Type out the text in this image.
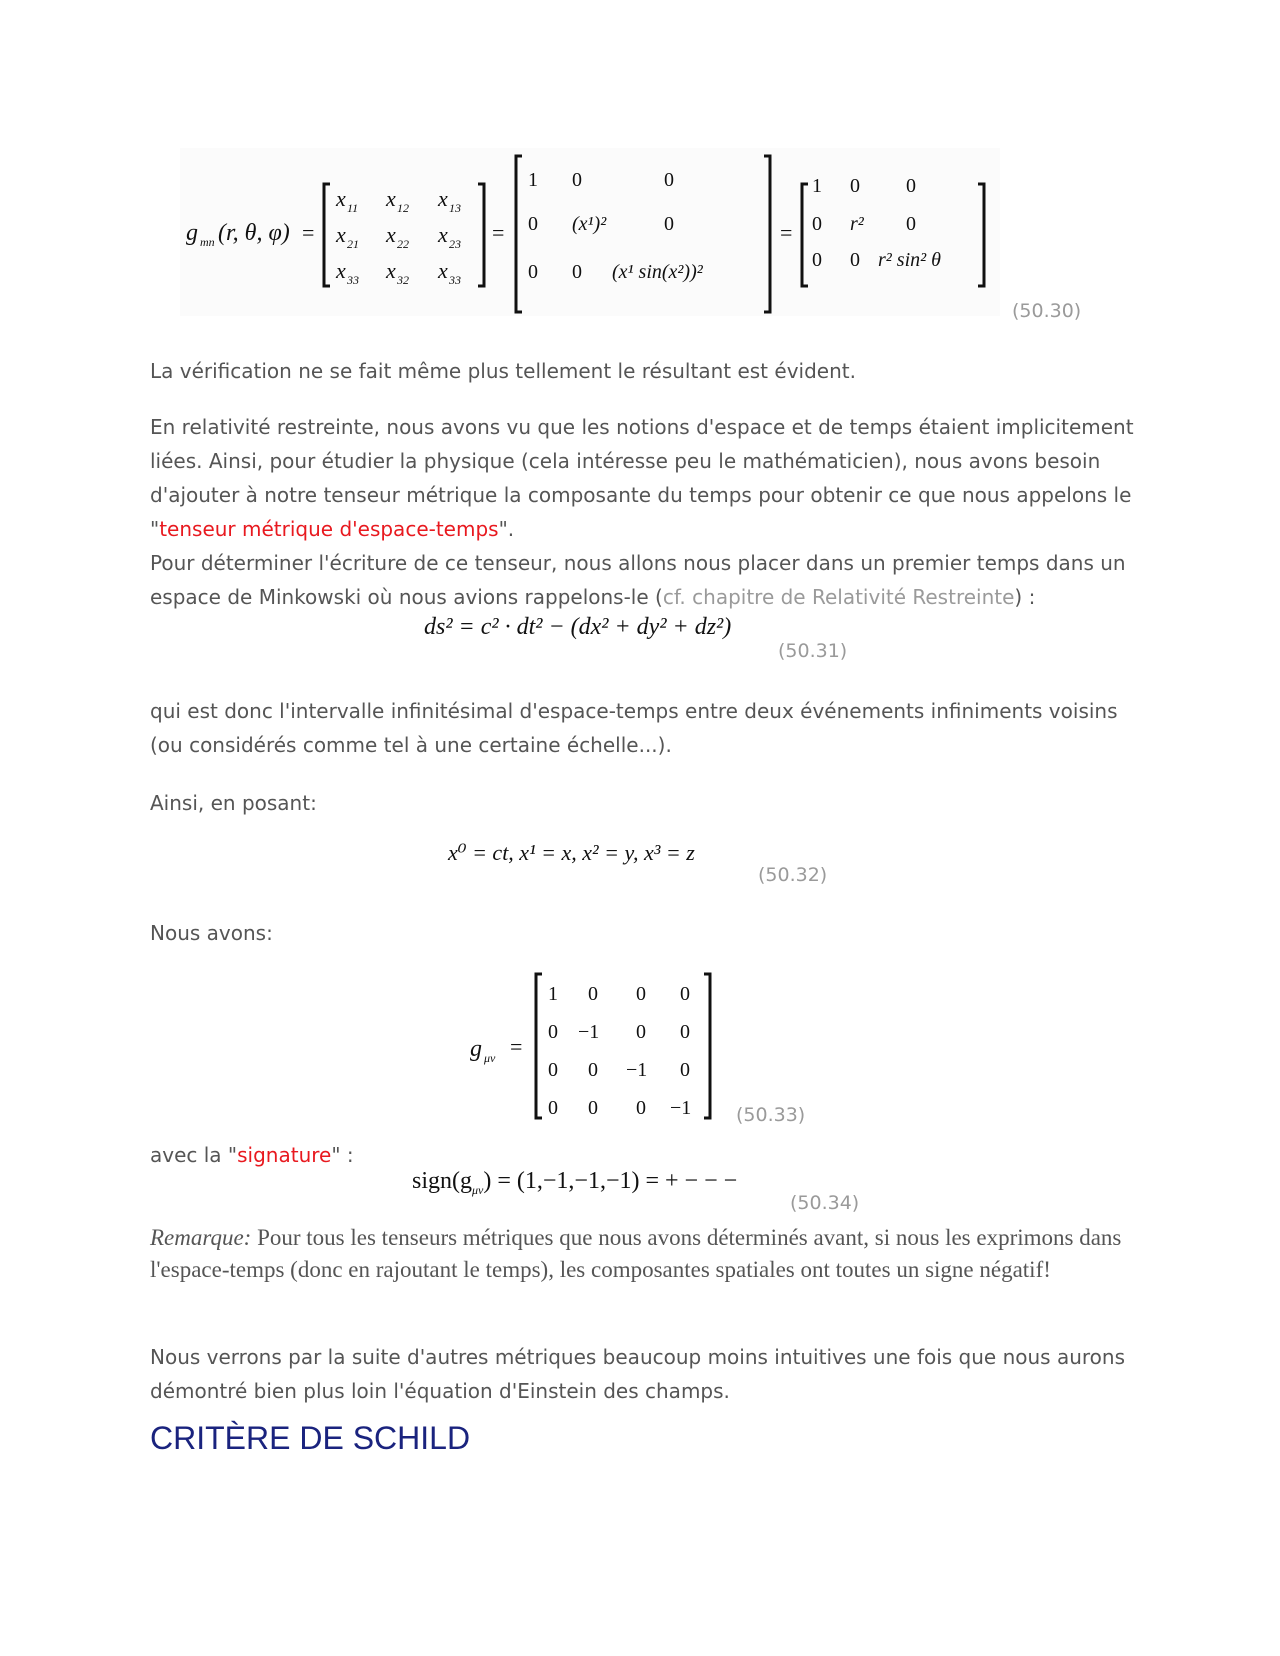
g mn (r, θ, φ) =
x 11 x 12 x 13
x 21 x 22 x 23
x 33 x 32 x 33
=
1 0	0
0 (x¹)²	0
0 0 (x¹ sin(x²))²
=
1 0 0
0 r² 0
0 0 r² sin² θ
(50.30)

La vérification ne se fait même plus tellement le résultant est évident.

En relativité restreinte, nous avons vu que les notions d'espace et de temps étaient implicitement liées. Ainsi, pour étudier la physique (cela intéresse peu le mathématicien), nous avons besoin d'ajouter à notre tenseur métrique la composante du temps pour obtenir ce que nous appelons le "tenseur métrique d'espace-temps".
Pour déterminer l'écriture de ce tenseur, nous allons nous placer dans un premier temps dans un espace de Minkowski où nous avions rappelons-le (cf. chapitre de Relativité Restreinte) :

ds² = c² · dt² − (dx² + dy² + dz²)
(50.31)

qui est donc l'intervalle infinitésimal d'espace-temps entre deux événements infiniments voisins (ou considérés comme tel à une certaine échelle...).

Ainsi, en posant:

x⁰ = ct, x¹ = x, x² = y, x³ = z
(50.32)

Nous avons:

g μν =
1 0 0 0
0 −1 0 0
0 0 −1 0
0 0 0 −1 (50.33)

avec la "signature" :

$sign(g_{\mu\nu}) = (1,-1,-1,-1)$ = + − − −
(50.34)

Remarque: Pour tous les tenseurs métriques que nous avons déterminés avant, si nous les exprimons dans l'espace-temps (donc en rajoutant le temps), les composantes spatiales ont toutes un signe négatif!

Nous verrons par la suite d'autres métriques beaucoup moins intuitives une fois que nous aurons démontré bien plus loin l'équation d'Einstein des champs.

CRITÈRE DE SCHILD
